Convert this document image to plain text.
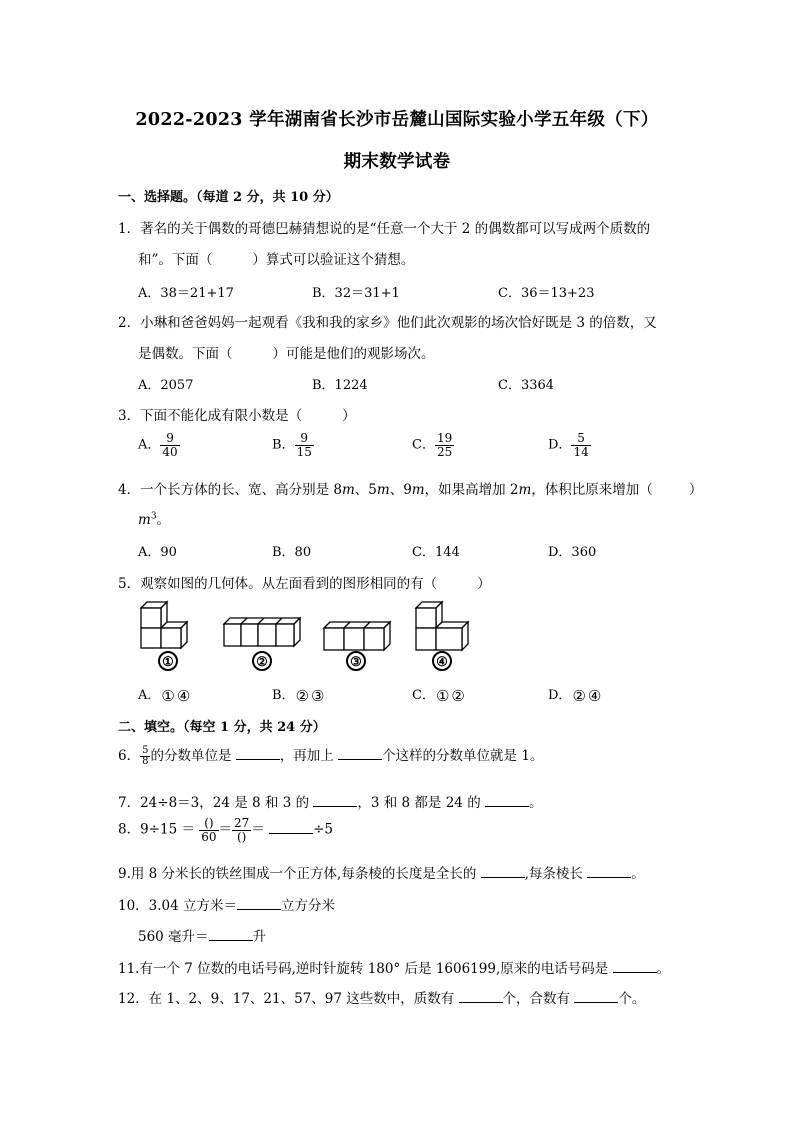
2022-2023 学年湖南省长沙市岳麓山国际实验小学五年级（下）
期末数学试卷
一、选择题。（每道 2 分，共 10 分）
1．著名的关于偶数的哥德巴赫猜想说的是“任意一个大于 2 的偶数都可以写成两个质数的
和”。下面（	）算式可以验证这个猜想。
A．38＝21+17	B．32＝31+1	C．36＝13+23
2．小琳和爸爸妈妈一起观看《我和我的家乡》他们此次观影的场次恰好既是 3 的倍数，又
是偶数。下面（	）可能是他们的观影场次。
A．2057	B．1224	C．3364
3．下面不能化成有限小数是（	）
A． $\frac{9}{40}$	B． $\frac{9}{15}$	C． $\frac{19}{25}$	D． $\frac{5}{14}$
4．一个长方体的长、宽、高分别是 8m、5m、9m，如果高增加 2m，体积比原来增加（	）
$m^3$。
A．90	B．80	C．144	D．360
5．观察如图的几何体。从左面看到的图形相同的有（	）
①	②	③	④
A．① ④	B．② ③	C．① ②	D．② ④
二、填空。（每空 1 分，共 24 分）
6． $\frac{5}{8}$ 的分数单位是	，再加上	个这样的分数单位就是 1。
7．24÷8＝3，24 是 8 和 3 的	，3 和 8 都是 24 的	。
8．$9\div 15 = \frac{()}{60} = \frac{27}{()}$ ＝	÷5
9.用 8 分米长的铁丝围成一个正方体,每条棱的长度是全长的	,每条棱长	。
10．3.04 立方米＝	立方分米
560 毫升＝	升
11.有一个 7 位数的电话号码,逆时针旋转 180° 后是 1606199,原来的电话号码是	。
12．在 1、2、9、17、21、57、97 这些数中，质数有	个，合数有	个。
